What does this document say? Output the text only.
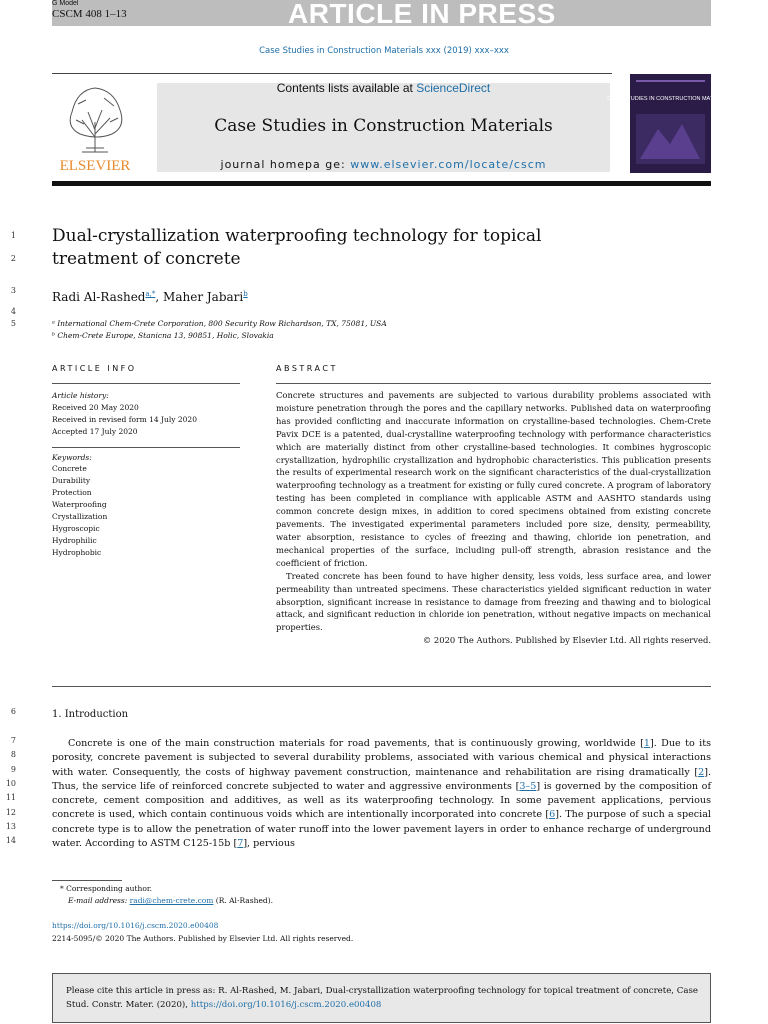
G Model
CSCM 408 1–13	ARTICLE IN PRESS
Case Studies in Construction Materials xxx (2019) xxx–xxx
ELSEVIER
Contents lists available at ScienceDirect
Case Studies in Construction Materials
journal homepa ge: www.elsevier.com/locate/cscm
CASE STUDIES IN CONSTRUCTION MATERIALS
1
2
3
4
5
6
7
8
9
10
11
12
13
14
Dual-crystallization waterproofing technology for topical
treatment of concrete
Radi Al-Rashed$^{a,*}$, Maher Jabari$^b$
ᵃ International Chem-Crete Corporation, 800 Security Row Richardson, TX, 75081, USA
ᵇ Chem-Crete Europe, Stanicna 13, 90851, Holic, Slovakia
ARTICLE INFO
Article history:
Received 20 May 2020
Received in revised form 14 July 2020
Accepted 17 July 2020
Keywords:
Concrete
Durability
Protection
Waterproofing
Crystallization
Hygroscopic
Hydrophilic
Hydrophobic
ABSTRACT

Concrete structures and pavements are subjected to various durability problems associated with moisture penetration through the pores and the capillary networks. Published data on waterproofing has provided conflicting and inaccurate information on crystalline-based technologies. Chem-Crete Pavix DCE is a patented, dual-crystalline waterproofing technology with performance characteristics which are materially distinct from other crystalline-based technologies. It combines hygroscopic crystallization, hydrophilic crystallization and hydrophobic characteristics. This publication presents the results of experimental research work on the significant characteristics of the dual-crystallization waterproofing technology as a treatment for existing or fully cured concrete. A program of laboratory testing has been completed in compliance with applicable ASTM and AASHTO standards using common concrete design mixes, in addition to cored specimens obtained from existing concrete pavements. The investigated experimental parameters included pore size, density, permeability, water absorption, resistance to cycles of freezing and thawing, chloride ion penetration, and mechanical properties of the surface, including pull-off strength, abrasion resistance and the coefficient of friction.

Treated concrete has been found to have higher density, less voids, less surface area, and lower permeability than untreated specimens. These characteristics yielded significant reduction in water absorption, significant increase in resistance to damage from freezing and thawing and to biological attack, and significant reduction in chloride ion penetration, without negative impacts on mechanical properties.

© 2020 The Authors. Published by Elsevier Ltd. All rights reserved.

1. Introduction

Concrete is one of the main construction materials for road pavements, that is continuously growing, worldwide [1]. Due to its porosity, concrete pavement is subjected to several durability problems, associated with various chemical and physical interactions with water. Consequently, the costs of highway pavement construction, maintenance and rehabilitation are rising dramatically [2]. Thus, the service life of reinforced concrete subjected to water and aggressive environments [3–5] is governed by the composition of concrete, cement composition and additives, as well as its waterproofing technology. In some pavement applications, pervious concrete is used, which contain continuous voids which are intentionally incorporated into concrete [6]. The purpose of such a special concrete type is to allow the penetration of water runoff into the lower pavement layers in order to enhance recharge of underground water. According to ASTM C125-15b [7], pervious

* Corresponding author.
E-mail address: radi@chem-crete.com (R. Al-Rashed).
https://doi.org/10.1016/j.cscm.2020.e00408
2214-5095/© 2020 The Authors. Published by Elsevier Ltd. All rights reserved.
Please cite this article in press as: R. Al-Rashed, M. Jabari, Dual-crystallization waterproofing technology for topical treatment of concrete, Case Stud. Constr. Mater. (2020), https://doi.org/10.1016/j.cscm.2020.e00408
